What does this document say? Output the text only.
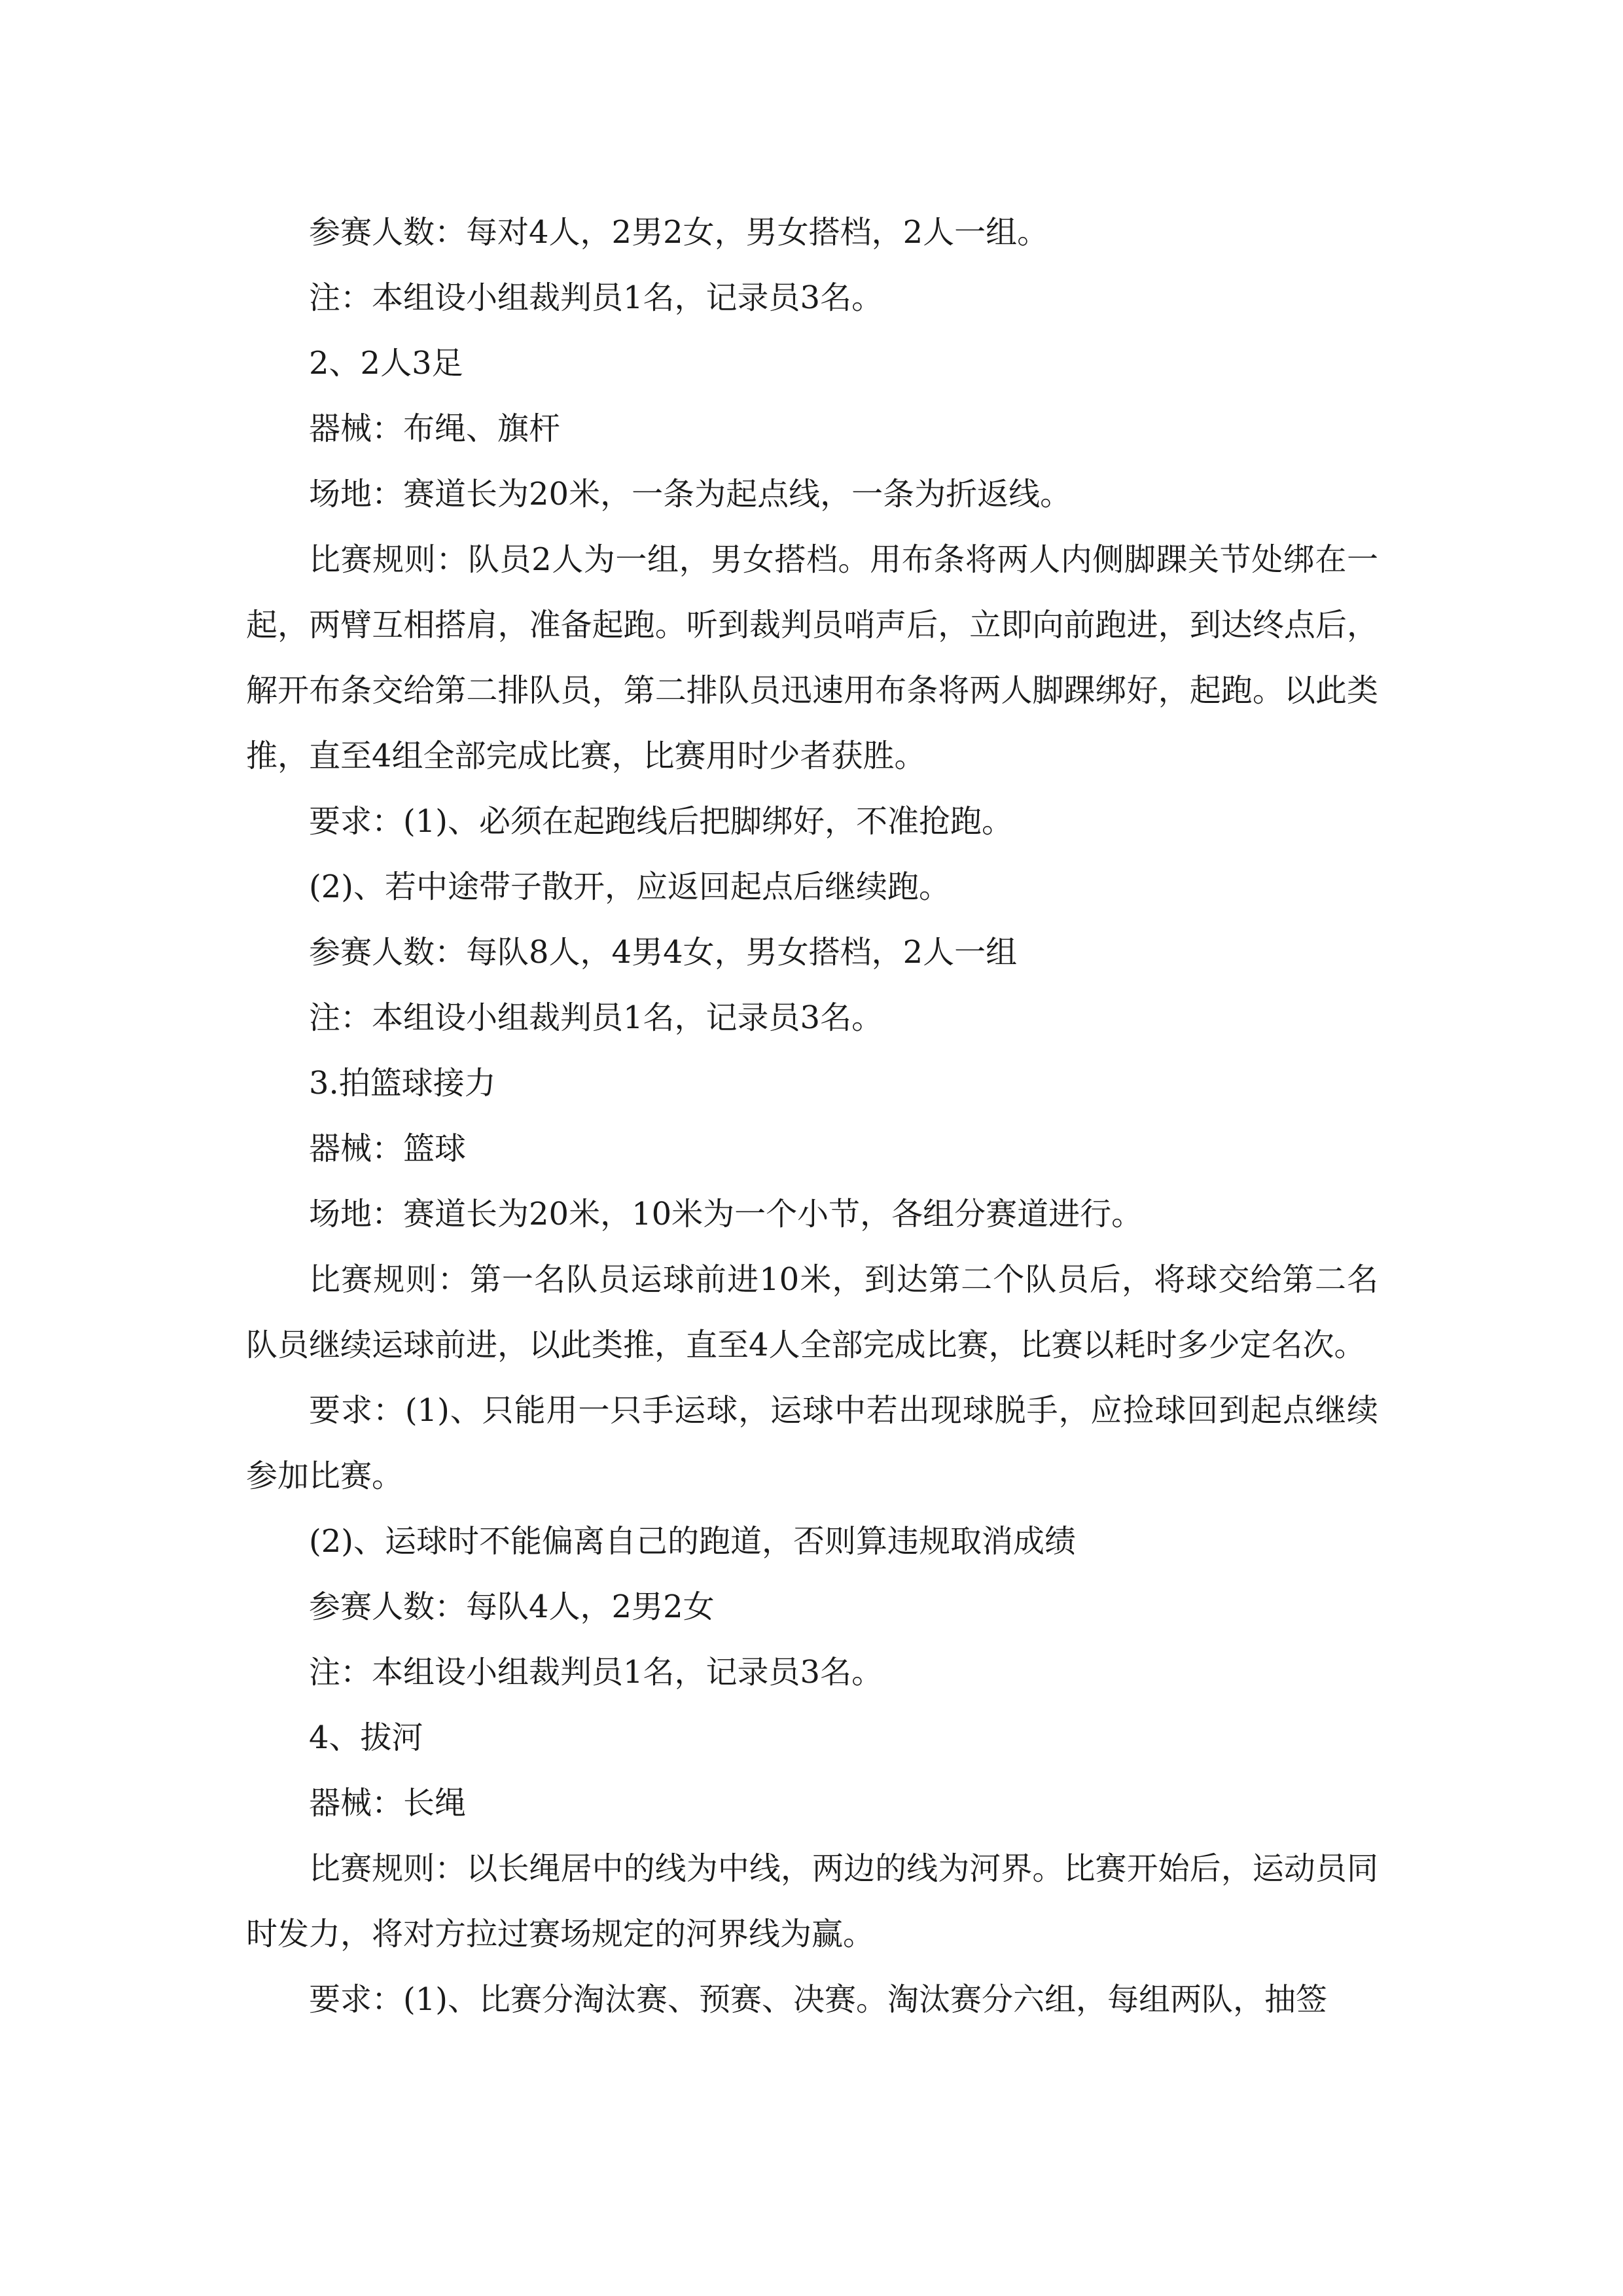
参赛人数：每对4人，2男2女，男女搭档，2人一组。

注：本组设小组裁判员1名，记录员3名。

2、2人3足

器械：布绳、旗杆

场地：赛道长为20米，一条为起点线，一条为折返线。

比赛规则：队员2人为一组，男女搭档。用布条将两人内侧脚踝关节处绑在一起，两臂互相搭肩，准备起跑。听到裁判员哨声后，立即向前跑进，到达终点后，解开布条交给第二排队员，第二排队员迅速用布条将两人脚踝绑好，起跑。以此类推，直至4组全部完成比赛，比赛用时少者获胜。

要求：(1)、必须在起跑线后把脚绑好，不准抢跑。

(2)、若中途带子散开，应返回起点后继续跑。

参赛人数：每队8人，4男4女，男女搭档，2人一组

注：本组设小组裁判员1名，记录员3名。

3.拍篮球接力

器械：篮球

场地：赛道长为20米，10米为一个小节，各组分赛道进行。

比赛规则：第一名队员运球前进10米，到达第二个队员后，将球交给第二名队员继续运球前进，以此类推，直至4人全部完成比赛，比赛以耗时多少定名次。

要求：(1)、只能用一只手运球，运球中若出现球脱手，应捡球回到起点继续参加比赛。

(2)、运球时不能偏离自己的跑道，否则算违规取消成绩

参赛人数：每队4人，2男2女

注：本组设小组裁判员1名，记录员3名。

4、拔河

器械：长绳

比赛规则：以长绳居中的线为中线，两边的线为河界。比赛开始后，运动员同时发力，将对方拉过赛场规定的河界线为赢。

要求：(1)、比赛分淘汰赛、预赛、决赛。淘汰赛分六组，每组两队，抽签
